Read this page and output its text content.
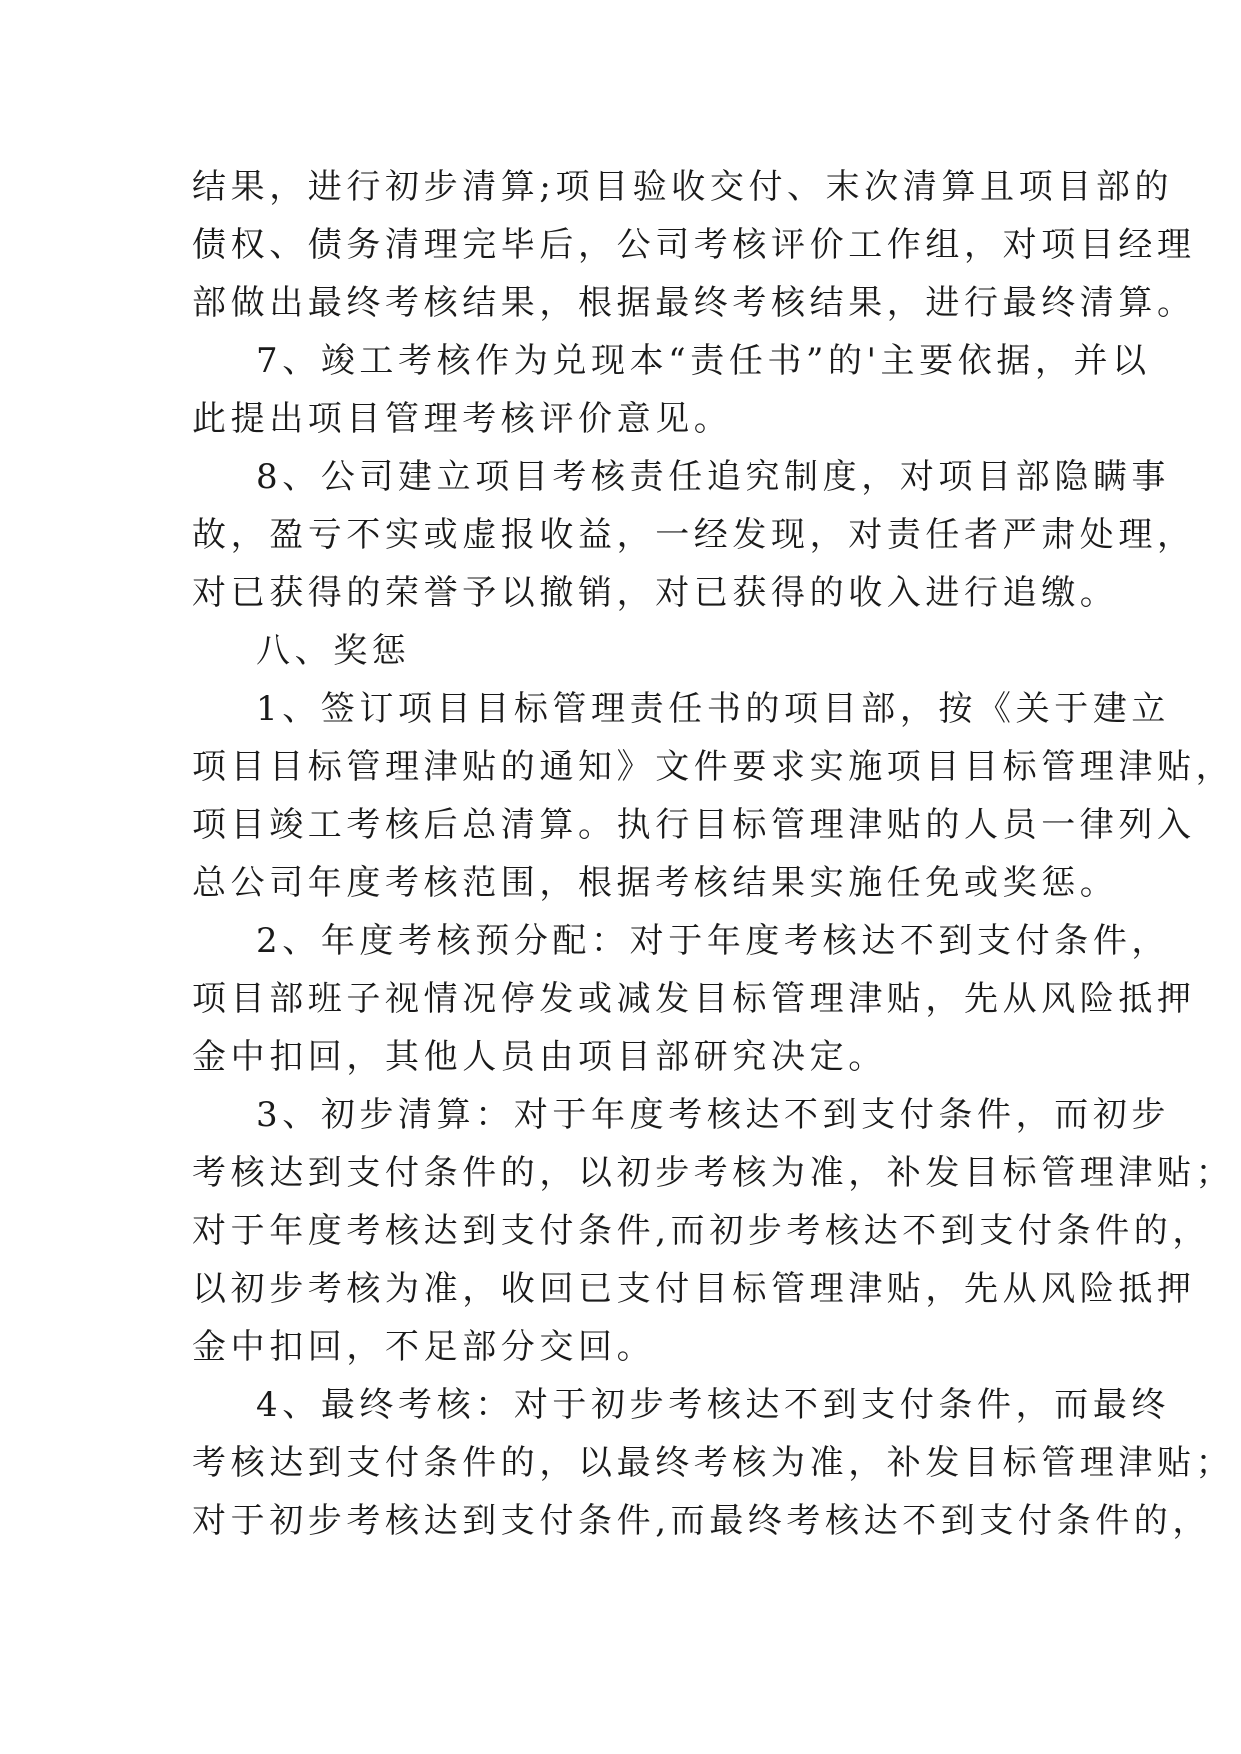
结果，进行初步清算;项目验收交付、末次清算且项目部的
债权、债务清理完毕后，公司考核评价工作组，对项目经理
部做出最终考核结果，根据最终考核结果，进行最终清算。
7、竣工考核作为兑现本“责任书”的'主要依据，并以
此提出项目管理考核评价意见。
8、公司建立项目考核责任追究制度，对项目部隐瞒事
故，盈亏不实或虚报收益，一经发现，对责任者严肃处理，
对已获得的荣誉予以撤销，对已获得的收入进行追缴。
八、奖惩
1、签订项目目标管理责任书的项目部，按《关于建立
项目目标管理津贴的通知》文件要求实施项目目标管理津贴，
项目竣工考核后总清算。执行目标管理津贴的人员一律列入
总公司年度考核范围，根据考核结果实施任免或奖惩。
2、年度考核预分配：对于年度考核达不到支付条件，
项目部班子视情况停发或减发目标管理津贴，先从风险抵押
金中扣回，其他人员由项目部研究决定。
3、初步清算：对于年度考核达不到支付条件，而初步
考核达到支付条件的，以初步考核为准，补发目标管理津贴；
对于年度考核达到支付条件,而初步考核达不到支付条件的，
以初步考核为准，收回已支付目标管理津贴，先从风险抵押
金中扣回，不足部分交回。
4、最终考核：对于初步考核达不到支付条件，而最终
考核达到支付条件的，以最终考核为准，补发目标管理津贴；
对于初步考核达到支付条件,而最终考核达不到支付条件的，
